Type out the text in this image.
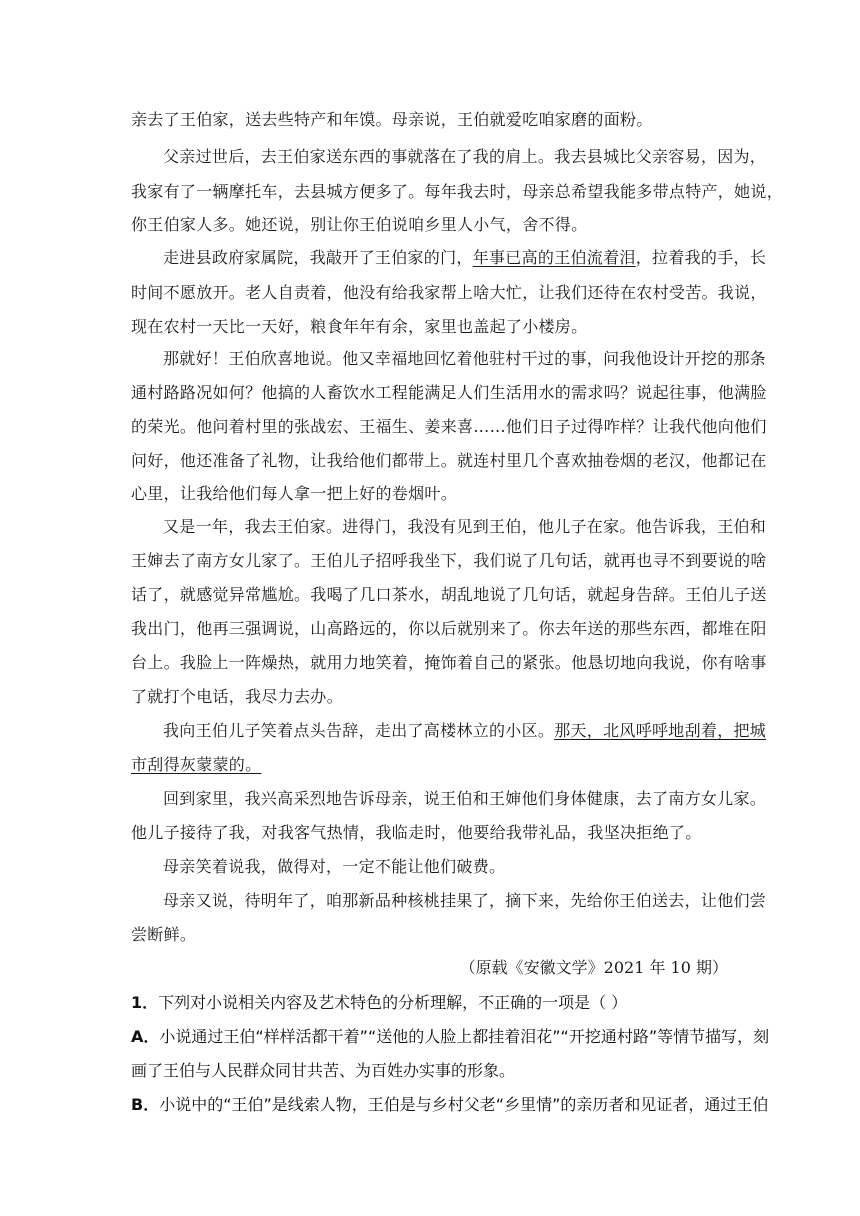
亲去了王伯家，送去些特产和年馍。母亲说，王伯就爱吃咱家磨的面粉。
父亲过世后，去王伯家送东西的事就落在了我的肩上。我去县城比父亲容易，因为，
我家有了一辆摩托车，去县城方便多了。每年我去时，母亲总希望我能多带点特产，她说，
你王伯家人多。她还说，别让你王伯说咱乡里人小气，舍不得。
走进县政府家属院，我敲开了王伯家的门，年事已高的王伯流着泪，拉着我的手，长
时间不愿放开。老人自责着，他没有给我家帮上啥大忙，让我们还待在农村受苦。我说，
现在农村一天比一天好，粮食年年有余，家里也盖起了小楼房。
那就好！王伯欣喜地说。他又幸福地回忆着他驻村干过的事，问我他设计开挖的那条
通村路路况如何？他搞的人畜饮水工程能满足人们生活用水的需求吗？说起往事，他满脸
的荣光。他问着村里的张战宏、王福生、姜来喜……他们日子过得咋样？让我代他向他们
问好，他还准备了礼物，让我给他们都带上。就连村里几个喜欢抽卷烟的老汉，他都记在
心里，让我给他们每人拿一把上好的卷烟叶。
又是一年，我去王伯家。进得门，我没有见到王伯，他儿子在家。他告诉我，王伯和
王婶去了南方女儿家了。王伯儿子招呼我坐下，我们说了几句话，就再也寻不到要说的啥
话了，就感觉异常尴尬。我喝了几口茶水，胡乱地说了几句话，就起身告辞。王伯儿子送
我出门，他再三强调说，山高路远的，你以后就别来了。你去年送的那些东西，都堆在阳
台上。我脸上一阵燥热，就用力地笑着，掩饰着自己的紧张。他恳切地向我说，你有啥事
了就打个电话，我尽力去办。
我向王伯儿子笑着点头告辞，走出了高楼林立的小区。那天，北风呼呼地刮着，把城
市刮得灰蒙蒙的。
回到家里，我兴高采烈地告诉母亲，说王伯和王婶他们身体健康，去了南方女儿家。
他儿子接待了我，对我客气热情，我临走时，他要给我带礼品，我坚决拒绝了。
母亲笑着说我，做得对，一定不能让他们破费。
母亲又说，待明年了，咱那新品种核桃挂果了，摘下来，先给你王伯送去，让他们尝
尝断鲜。
（原载《安徽文学》2021 年 10 期）
1．下列对小说相关内容及艺术特色的分析理解，不正确的一项是（ ）
A．小说通过王伯“样样活都干着”“送他的人脸上都挂着泪花”“开挖通村路”等情节描写，刻
画了王伯与人民群众同甘共苦、为百姓办实事的形象。
B．小说中的“王伯”是线索人物，王伯是与乡村父老“乡里情”的亲历者和见证者，通过王伯
